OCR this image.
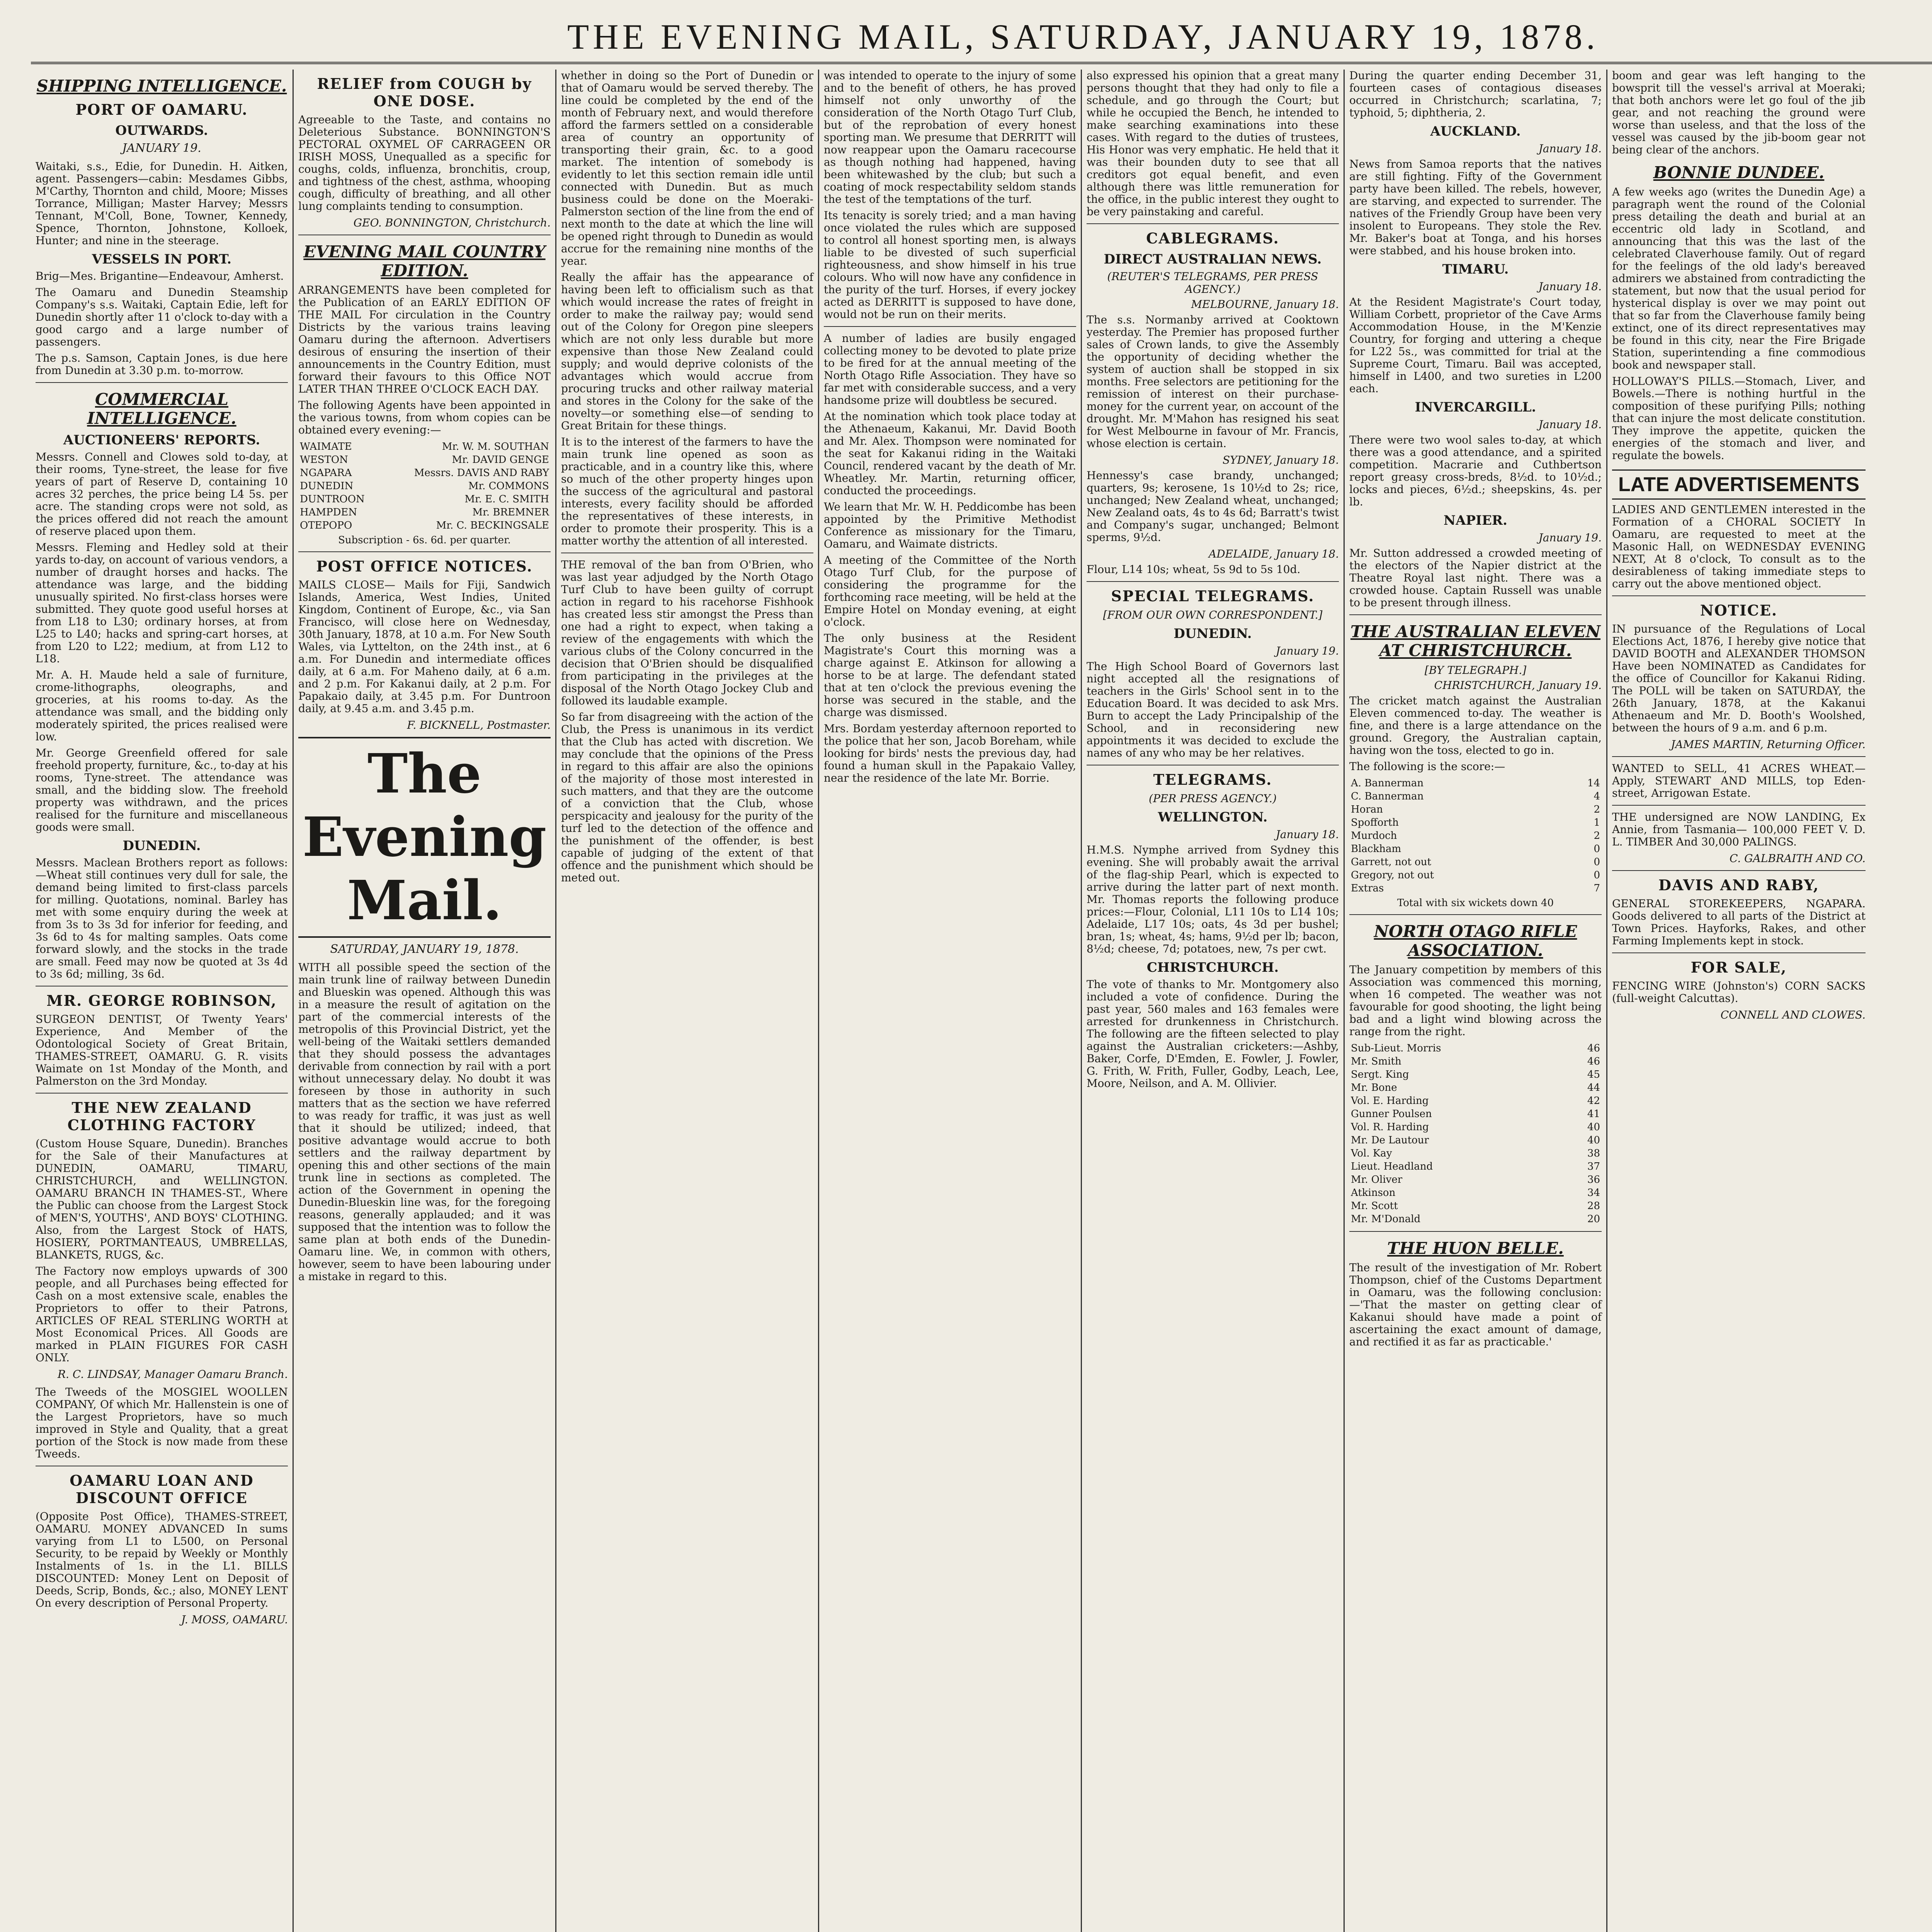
THE EVENING MAIL, SATURDAY, JANUARY 19, 1878.
SHIPPING INTELLIGENCE.
PORT OF OAMARU.
OUTWARDS.
JANUARY 19.

Waitaki, s.s., Edie, for Dunedin. H. Aitken, agent. Passengers—cabin: Mesdames Gibbs, M'Carthy, Thornton and child, Moore; Misses Torrance, Milligan; Master Harvey; Messrs Tennant, M'Coll, Bone, Towner, Kennedy, Spence, Thornton, Johnstone, Kolloek, Hunter; and nine in the steerage.

VESSELS IN PORT.

Brig—Mes. Brigantine—Endeavour, Amherst.

The Oamaru and Dunedin Steamship Company's s.s. Waitaki, Captain Edie, left for Dunedin shortly after 11 o'clock to-day with a good cargo and a large number of passengers.

The p.s. Samson, Captain Jones, is due here from Dunedin at 3.30 p.m. to-morrow.

COMMERCIAL INTELLIGENCE.
AUCTIONEERS' REPORTS.

Messrs. Connell and Clowes sold to-day, at their rooms, Tyne-street, the lease for five years of part of Reserve D, containing 10 acres 32 perches, the price being L4 5s. per acre. The standing crops were not sold, as the prices offered did not reach the amount of reserve placed upon them.

Messrs. Fleming and Hedley sold at their yards to-day, on account of various vendors, a number of draught horses and hacks. The attendance was large, and the bidding unusually spirited. No first-class horses were submitted. They quote good useful horses at from L18 to L30; ordinary horses, at from L25 to L40; hacks and spring-cart horses, at from L20 to L22; medium, at from L12 to L18.

Mr. A. H. Maude held a sale of furniture, crome-lithographs, oleographs, and groceries, at his rooms to-day. As the attendance was small, and the bidding only moderately spirited, the prices realised were low.

Mr. George Greenfield offered for sale freehold property, furniture, &c., to-day at his rooms, Tyne-street. The attendance was small, and the bidding slow. The freehold property was withdrawn, and the prices realised for the furniture and miscellaneous goods were small.

DUNEDIN.

Messrs. Maclean Brothers report as follows:—Wheat still continues very dull for sale, the demand being limited to first-class parcels for milling. Quotations, nominal. Barley has met with some enquiry during the week at from 3s to 3s 3d for inferior for feeding, and 3s 6d to 4s for malting samples. Oats come forward slowly, and the stocks in the trade are small. Feed may now be quoted at 3s 4d to 3s 6d; milling, 3s 6d.

MR. GEORGE ROBINSON,

SURGEON DENTIST, Of Twenty Years' Experience, And Member of the Odontological Society of Great Britain, THAMES-STREET, OAMARU. G. R. visits Waimate on 1st Monday of the Month, and Palmerston on the 3rd Monday.

THE NEW ZEALAND CLOTHING FACTORY

(Custom House Square, Dunedin). Branches for the Sale of their Manufactures at DUNEDIN, OAMARU, TIMARU, CHRISTCHURCH, and WELLINGTON. OAMARU BRANCH IN THAMES-ST., Where the Public can choose from the Largest Stock of MEN'S, YOUTHS', AND BOYS' CLOTHING. Also, from the Largest Stock of HATS, HOSIERY, PORTMANTEAUS, UMBRELLAS, BLANKETS, RUGS, &c.

The Factory now employs upwards of 300 people, and all Purchases being effected for Cash on a most extensive scale, enables the Proprietors to offer to their Patrons, ARTICLES OF REAL STERLING WORTH at Most Economical Prices. All Goods are marked in PLAIN FIGURES FOR CASH ONLY.

R. C. LINDSAY, Manager Oamaru Branch.

The Tweeds of the MOSGIEL WOOLLEN COMPANY, Of which Mr. Hallenstein is one of the Largest Proprietors, have so much improved in Style and Quality, that a great portion of the Stock is now made from these Tweeds.

OAMARU LOAN AND DISCOUNT OFFICE

(Opposite Post Office), THAMES-STREET, OAMARU. MONEY ADVANCED In sums varying from L1 to L500, on Personal Security, to be repaid by Weekly or Monthly Instalments of 1s. in the L1. BILLS DISCOUNTED: Money Lent on Deposit of Deeds, Scrip, Bonds, &c.; also, MONEY LENT On every description of Personal Property.

J. MOSS, OAMARU.
RELIEF from COUGH by ONE DOSE.

Agreeable to the Taste, and contains no Deleterious Substance. BONNINGTON'S PECTORAL OXYMEL OF CARRAGEEN OR IRISH MOSS, Unequalled as a specific for coughs, colds, influenza, bronchitis, croup, and tightness of the chest, asthma, whooping cough, difficulty of breathing, and all other lung complaints tending to consumption.

GEO. BONNINGTON, Christchurch.
EVENING MAIL COUNTRY EDITION.

ARRANGEMENTS have been completed for the Publication of an EARLY EDITION OF THE MAIL For circulation in the Country Districts by the various trains leaving Oamaru during the afternoon. Advertisers desirous of ensuring the insertion of their announcements in the Country Edition, must forward their favours to this Office NOT LATER THAN THREE O'CLOCK EACH DAY.

The following Agents have been appointed in the various towns, from whom copies can be obtained every evening:—

WAIMATE	Mr. W. M. SOUTHAN
WESTON	Mr. DAVID GENGE
NGAPARA	Messrs. DAVIS AND RABY
DUNEDIN	Mr. COMMONS
DUNTROON	Mr. E. C. SMITH
HAMPDEN	Mr. BREMNER
OTEPOPO	Mr. C. BECKINGSALE
Subscription - 6s. 6d. per quarter.
POST OFFICE NOTICES.

MAILS CLOSE— Mails for Fiji, Sandwich Islands, America, West Indies, United Kingdom, Continent of Europe, &c., via San Francisco, will close here on Wednesday, 30th January, 1878, at 10 a.m. For New South Wales, via Lyttelton, on the 24th inst., at 6 a.m. For Dunedin and intermediate offices daily, at 6 a.m. For Maheno daily, at 6 a.m. and 2 p.m. For Kakanui daily, at 2 p.m. For Papakaio daily, at 3.45 p.m. For Duntroon daily, at 9.45 a.m. and 3.45 p.m.

F. BICKNELL, Postmaster.
The Evening Mail.
SATURDAY, JANUARY 19, 1878.

WITH all possible speed the section of the main trunk line of railway between Dunedin and Blueskin was opened. Although this was in a measure the result of agitation on the part of the commercial interests of the metropolis of this Provincial District, yet the well-being of the Waitaki settlers demanded that they should possess the advantages derivable from connection by rail with a port without unnecessary delay. No doubt it was foreseen by those in authority in such matters that as the section we have referred to was ready for traffic, it was just as well that it should be utilized; indeed, that positive advantage would accrue to both settlers and the railway department by opening this and other sections of the main trunk line in sections as completed. The action of the Government in opening the Dunedin-Blueskin line was, for the foregoing reasons, generally applauded; and it was supposed that the intention was to follow the same plan at both ends of the Dunedin-Oamaru line. We, in common with others, however, seem to have been labouring under a mistake in regard to this.

whether in doing so the Port of Dunedin or that of Oamaru would be served thereby. The line could be completed by the end of the month of February next, and would therefore afford the farmers settled on a considerable area of country an opportunity of transporting their grain, &c. to a good market. The intention of somebody is evidently to let this section remain idle until connected with Dunedin. But as much business could be done on the Moeraki-Palmerston section of the line from the end of next month to the date at which the line will be opened right through to Dunedin as would accrue for the remaining nine months of the year.

Really the affair has the appearance of having been left to officialism such as that which would increase the rates of freight in order to make the railway pay; would send out of the Colony for Oregon pine sleepers which are not only less durable but more expensive than those New Zealand could supply; and would deprive colonists of the advantages which would accrue from procuring trucks and other railway material and stores in the Colony for the sake of the novelty—or something else—of sending to Great Britain for these things.

It is to the interest of the farmers to have the main trunk line opened as soon as practicable, and in a country like this, where so much of the other property hinges upon the success of the agricultural and pastoral interests, every facility should be afforded the representatives of these interests, in order to promote their prosperity. This is a matter worthy the attention of all interested.

THE removal of the ban from O'Brien, who was last year adjudged by the North Otago Turf Club to have been guilty of corrupt action in regard to his racehorse Fishhook has created less stir amongst the Press than one had a right to expect, when taking a review of the engagements with which the various clubs of the Colony concurred in the decision that O'Brien should be disqualified from participating in the privileges at the disposal of the North Otago Jockey Club and followed its laudable example.

So far from disagreeing with the action of the Club, the Press is unanimous in its verdict that the Club has acted with discretion. We may conclude that the opinions of the Press in regard to this affair are also the opinions of the majority of those most interested in such matters, and that they are the outcome of a conviction that the Club, whose perspicacity and jealousy for the purity of the turf led to the detection of the offence and the punishment of the offender, is best capable of judging of the extent of that offence and the punishment which should be meted out.

was intended to operate to the injury of some and to the benefit of others, he has proved himself not only unworthy of the consideration of the North Otago Turf Club, but of the reprobation of every honest sporting man. We presume that DERRITT will now reappear upon the Oamaru racecourse as though nothing had happened, having been whitewashed by the club; but such a coating of mock respectability seldom stands the test of the temptations of the turf.

Its tenacity is sorely tried; and a man having once violated the rules which are supposed to control all honest sporting men, is always liable to be divested of such superficial righteousness, and show himself in his true colours. Who will now have any confidence in the purity of the turf. Horses, if every jockey acted as DERRITT is supposed to have done, would not be run on their merits.

A number of ladies are busily engaged collecting money to be devoted to plate prize to be fired for at the annual meeting of the North Otago Rifle Association. They have so far met with considerable success, and a very handsome prize will doubtless be secured.

At the nomination which took place today at the Athenaeum, Kakanui, Mr. David Booth and Mr. Alex. Thompson were nominated for the seat for Kakanui riding in the Waitaki Council, rendered vacant by the death of Mr. Wheatley. Mr. Martin, returning officer, conducted the proceedings.

We learn that Mr. W. H. Peddicombe has been appointed by the Primitive Methodist Conference as missionary for the Timaru, Oamaru, and Waimate districts.

A meeting of the Committee of the North Otago Turf Club, for the purpose of considering the programme for the forthcoming race meeting, will be held at the Empire Hotel on Monday evening, at eight o'clock.

The only business at the Resident Magistrate's Court this morning was a charge against E. Atkinson for allowing a horse to be at large. The defendant stated that at ten o'clock the previous evening the horse was secured in the stable, and the charge was dismissed.

Mrs. Bordam yesterday afternoon reported to the police that her son, Jacob Boreham, while looking for birds' nests the previous day, had found a human skull in the Papakaio Valley, near the residence of the late Mr. Borrie.

also expressed his opinion that a great many persons thought that they had only to file a schedule, and go through the Court; but while he occupied the Bench, he intended to make searching examinations into these cases. With regard to the duties of trustees, His Honor was very emphatic. He held that it was their bounden duty to see that all creditors got equal benefit, and even although there was little remuneration for the office, in the public interest they ought to be very painstaking and careful.

CABLEGRAMS.
DIRECT AUSTRALIAN NEWS.
(REUTER'S TELEGRAMS, PER PRESS AGENCY.)
MELBOURNE, January 18.

The s.s. Normanby arrived at Cooktown yesterday. The Premier has proposed further sales of Crown lands, to give the Assembly the opportunity of deciding whether the system of auction shall be stopped in six months. Free selectors are petitioning for the remission of interest on their purchase-money for the current year, on account of the drought. Mr. M'Mahon has resigned his seat for West Melbourne in favour of Mr. Francis, whose election is certain.

SYDNEY, January 18.

Hennessy's case brandy, unchanged; quarters, 9s; kerosene, 1s 10½d to 2s; rice, unchanged; New Zealand wheat, unchanged; New Zealand oats, 4s to 4s 6d; Barratt's twist and Company's sugar, unchanged; Belmont sperms, 9½d.

ADELAIDE, January 18.

Flour, L14 10s; wheat, 5s 9d to 5s 10d.

SPECIAL TELEGRAMS.
[FROM OUR OWN CORRESPONDENT.]
DUNEDIN.
January 19.

The High School Board of Governors last night accepted all the resignations of teachers in the Girls' School sent in to the Education Board. It was decided to ask Mrs. Burn to accept the Lady Principalship of the School, and in reconsidering new appointments it was decided to exclude the names of any who may be her relatives.

TELEGRAMS.
(PER PRESS AGENCY.)
WELLINGTON.
January 18.

H.M.S. Nymphe arrived from Sydney this evening. She will probably await the arrival of the flag-ship Pearl, which is expected to arrive during the latter part of next month. Mr. Thomas reports the following produce prices:—Flour, Colonial, L11 10s to L14 10s; Adelaide, L17 10s; oats, 4s 3d per bushel; bran, 1s; wheat, 4s; hams, 9½d per lb; bacon, 8½d; cheese, 7d; potatoes, new, 7s per cwt.

CHRISTCHURCH.

The vote of thanks to Mr. Montgomery also included a vote of confidence. During the past year, 560 males and 163 females were arrested for drunkenness in Christchurch. The following are the fifteen selected to play against the Australian cricketers:—Ashby, Baker, Corfe, D'Emden, E. Fowler, J. Fowler, G. Frith, W. Frith, Fuller, Godby, Leach, Lee, Moore, Neilson, and A. M. Ollivier.

During the quarter ending December 31, fourteen cases of contagious diseases occurred in Christchurch; scarlatina, 7; typhoid, 5; diphtheria, 2.

AUCKLAND.
January 18.

News from Samoa reports that the natives are still fighting. Fifty of the Government party have been killed. The rebels, however, are starving, and expected to surrender. The natives of the Friendly Group have been very insolent to Europeans. They stole the Rev. Mr. Baker's boat at Tonga, and his horses were stabbed, and his house broken into.

TIMARU.
January 18.

At the Resident Magistrate's Court today, William Corbett, proprietor of the Cave Arms Accommodation House, in the M'Kenzie Country, for forging and uttering a cheque for L22 5s., was committed for trial at the Supreme Court, Timaru. Bail was accepted, himself in L400, and two sureties in L200 each.

INVERCARGILL.
January 18.

There were two wool sales to-day, at which there was a good attendance, and a spirited competition. Macrarie and Cuthbertson report greasy cross-breds, 8½d. to 10½d.; locks and pieces, 6½d.; sheepskins, 4s. per lb.

NAPIER.
January 19.

Mr. Sutton addressed a crowded meeting of the electors of the Napier district at the Theatre Royal last night. There was a crowded house. Captain Russell was unable to be present through illness.

THE AUSTRALIAN ELEVEN AT CHRISTCHURCH.
[BY TELEGRAPH.]
CHRISTCHURCH, January 19.

The cricket match against the Australian Eleven commenced to-day. The weather is fine, and there is a large attendance on the ground. Gregory, the Australian captain, having won the toss, elected to go in.

The following is the score:—

A. Bannerman	14
C. Bannerman	4
Horan	2
Spofforth	1
Murdoch	2
Blackham	0
Garrett, not out	0
Gregory, not out	0
Extras	7
Total with six wickets down 40
NORTH OTAGO RIFLE ASSOCIATION.

The January competition by members of this Association was commenced this morning, when 16 competed. The weather was not favourable for good shooting, the light being bad and a light wind blowing across the range from the right.

Sub-Lieut. Morris	46
Mr. Smith	46
Sergt. King	45
Mr. Bone	44
Vol. E. Harding	42
Gunner Poulsen	41
Vol. R. Harding	40
Mr. De Lautour	40
Vol. Kay	38
Lieut. Headland	37
Mr. Oliver	36
Atkinson	34
Mr. Scott	28
Mr. M'Donald	20
THE HUON BELLE.

The result of the investigation of Mr. Robert Thompson, chief of the Customs Department in Oamaru, was the following conclusion:—'That the master on getting clear of Kakanui should have made a point of ascertaining the exact amount of damage, and rectified it as far as practicable.'

boom and gear was left hanging to the bowsprit till the vessel's arrival at Moeraki; that both anchors were let go foul of the jib gear, and not reaching the ground were worse than useless, and that the loss of the vessel was caused by the jib-boom gear not being clear of the anchors.

BONNIE DUNDEE.

A few weeks ago (writes the Dunedin Age) a paragraph went the round of the Colonial press detailing the death and burial at an eccentric old lady in Scotland, and announcing that this was the last of the celebrated Claverhouse family. Out of regard for the feelings of the old lady's bereaved admirers we abstained from contradicting the statement, but now that the usual period for hysterical display is over we may point out that so far from the Claverhouse family being extinct, one of its direct representatives may be found in this city, near the Fire Brigade Station, superintending a fine commodious book and newspaper stall.

HOLLOWAY'S PILLS.—Stomach, Liver, and Bowels.—There is nothing hurtful in the composition of these purifying Pills; nothing that can injure the most delicate constitution. They improve the appetite, quicken the energies of the stomach and liver, and regulate the bowels.

LATE ADVERTISEMENTS

LADIES AND GENTLEMEN interested in the Formation of a CHORAL SOCIETY In Oamaru, are requested to meet at the Masonic Hall, on WEDNESDAY EVENING NEXT, At 8 o'clock, To consult as to the desirableness of taking immediate steps to carry out the above mentioned object.

NOTICE.

IN pursuance of the Regulations of Local Elections Act, 1876, I hereby give notice that DAVID BOOTH and ALEXANDER THOMSON Have been NOMINATED as Candidates for the office of Councillor for Kakanui Riding. The POLL will be taken on SATURDAY, the 26th January, 1878, at the Kakanui Athenaeum and Mr. D. Booth's Woolshed, between the hours of 9 a.m. and 6 p.m.

JAMES MARTIN, Returning Officer.

WANTED to SELL, 41 ACRES WHEAT.—Apply, STEWART AND MILLS, top Eden-street, Arrigowan Estate.

THE undersigned are NOW LANDING, Ex Annie, from Tasmania— 100,000 FEET V. D. L. TIMBER And 30,000 PALINGS.

C. GALBRAITH AND CO.
DAVIS AND RABY,

GENERAL STOREKEEPERS, NGAPARA. Goods delivered to all parts of the District at Town Prices. Hayforks, Rakes, and other Farming Implements kept in stock.

FOR SALE,

FENCING WIRE (Johnston's) CORN SACKS (full-weight Calcuttas).

CONNELL AND CLOWES.
